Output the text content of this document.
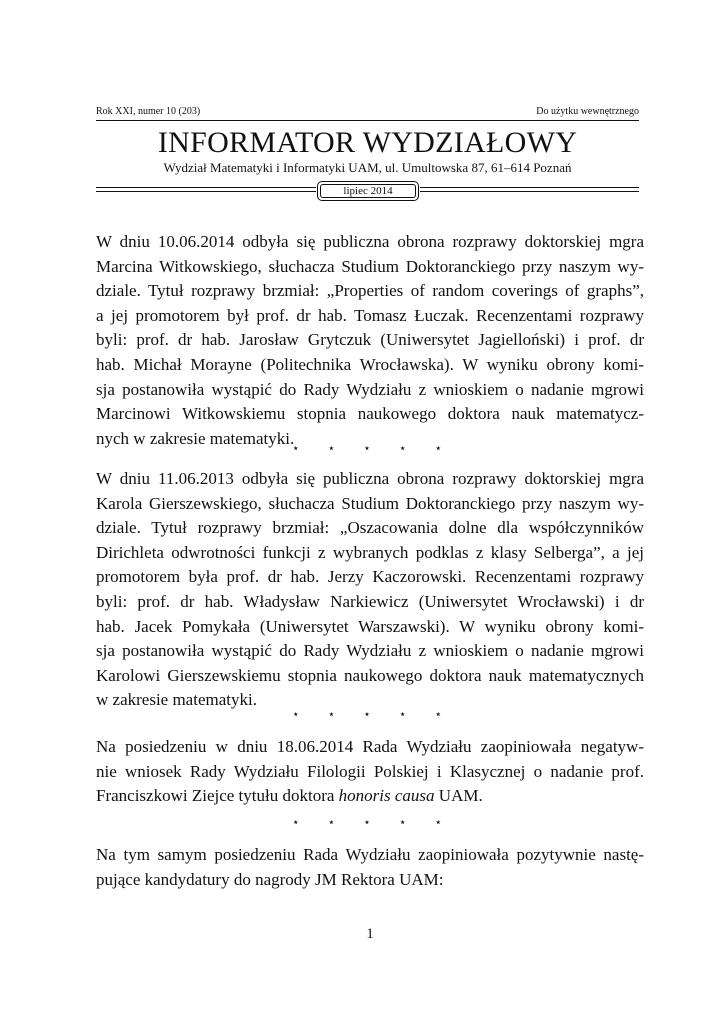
Rok XXI, numer 10 (203)	Do użytku wewnętrznego
INFORMATOR WYDZIAŁOWY
Wydział Matematyki i Informatyki UAM, ul. Umultowska 87, 61–614 Poznań
lipiec 2014

W dniu 10.06.2014 odbyła się publiczna obrona rozprawy doktorskiej mgra
Marcina Witkowskiego, słuchacza Studium Doktoranckiego przy naszym wy-
dziale. Tytuł rozprawy brzmiał: „Properties of random coverings of graphs”,
a jej promotorem był prof. dr hab. Tomasz Łuczak. Recenzentami rozprawy
byli: prof. dr hab. Jarosław Grytczuk (Uniwersytet Jagielloński) i prof. dr
hab. Michał Morayne (Politechnika Wrocławska). W wyniku obrony komi-
sja postanowiła wystąpić do Rady Wydziału z wnioskiem o nadanie mgrowi
Marcinowi Witkowskiemu stopnia naukowego doktora nauk matematycz-
nych w zakresie matematyki.

⋆ ⋆ ⋆ ⋆ ⋆

W dniu 11.06.2013 odbyła się publiczna obrona rozprawy doktorskiej mgra
Karola Gierszewskiego, słuchacza Studium Doktoranckiego przy naszym wy-
dziale. Tytuł rozprawy brzmiał: „Oszacowania dolne dla współczynników
Dirichleta odwrotności funkcji z wybranych podklas z klasy Selberga”, a jej
promotorem była prof. dr hab. Jerzy Kaczorowski. Recenzentami rozprawy
byli: prof. dr hab. Władysław Narkiewicz (Uniwersytet Wrocławski) i dr
hab. Jacek Pomykała (Uniwersytet Warszawski). W wyniku obrony komi-
sja postanowiła wystąpić do Rady Wydziału z wnioskiem o nadanie mgrowi
Karolowi Gierszewskiemu stopnia naukowego doktora nauk matematycznych
w zakresie matematyki.

⋆ ⋆ ⋆ ⋆ ⋆

Na posiedzeniu w dniu 18.06.2014 Rada Wydziału zaopiniowała negatyw-
nie wniosek Rady Wydziału Filologii Polskiej i Klasycznej o nadanie prof.
Franciszkowi Ziejce tytułu doktora honoris causa UAM.

⋆ ⋆ ⋆ ⋆ ⋆

Na tym samym posiedzeniu Rada Wydziału zaopiniowała pozytywnie nastę-
pujące kandydatury do nagrody JM Rektora UAM:

1
